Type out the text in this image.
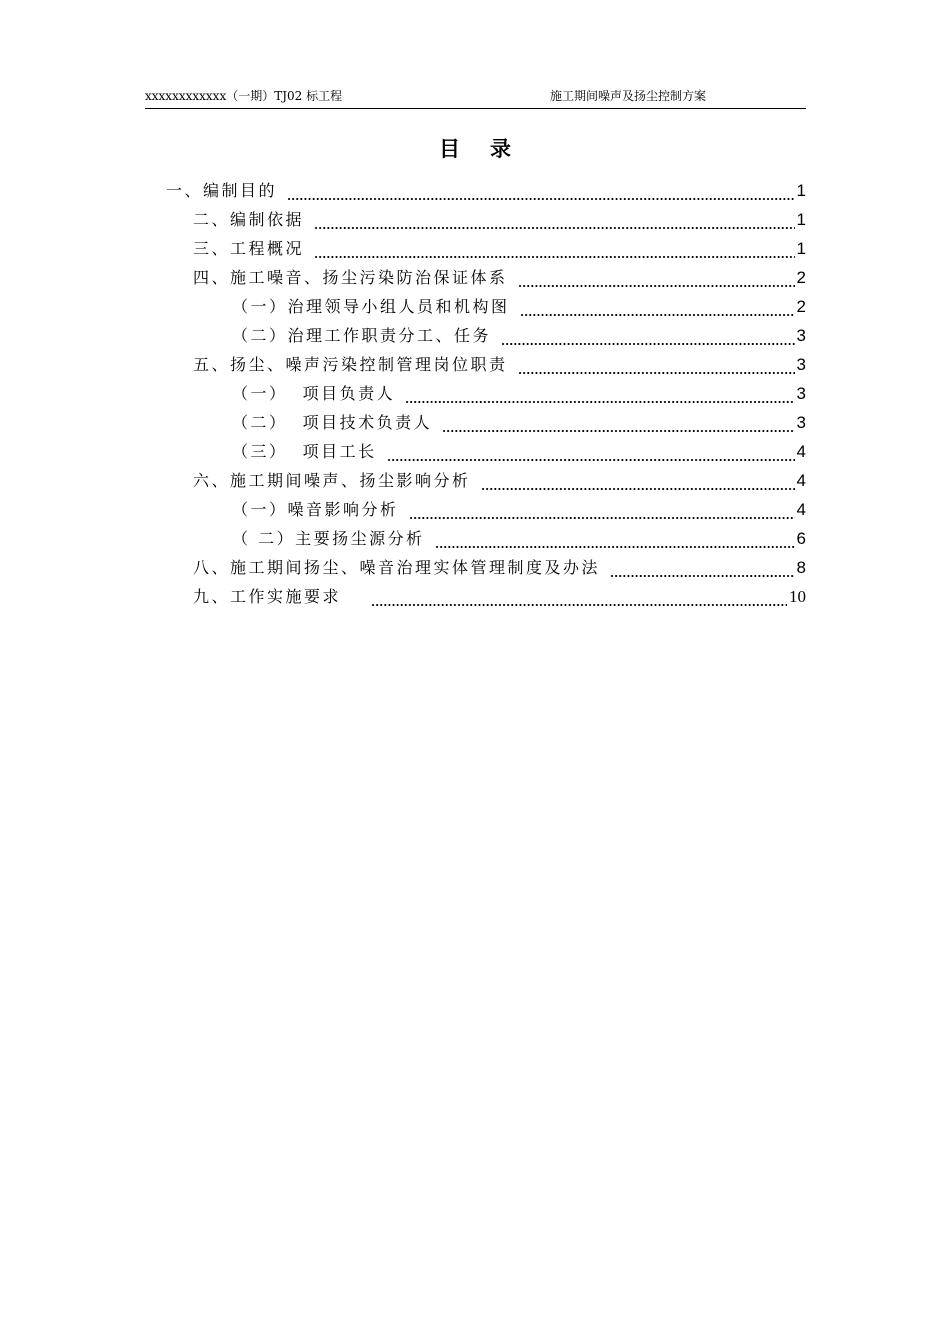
xxxxxxxxxxxx（一期）TJ02 标工程	施工期间噪声及扬尘控制方案
目录
一、编制目的	1
二、编制依据	1
三、工程概况	1
四、施工噪音、扬尘污染防治保证体系	2
（一）治理领导小组人员和机构图	2
（二）治理工作职责分工、任务	3
五、扬尘、噪声污染控制管理岗位职责	3
（一）  项目负责人	3
（二）  项目技术负责人	3
（三）  项目工长	4
六、施工期间噪声、扬尘影响分析	4
（一）噪音影响分析	4
（ 二）主要扬尘源分析	6
八、施工期间扬尘、噪音治理实体管理制度及办法	8
九、工作实施要求	10
